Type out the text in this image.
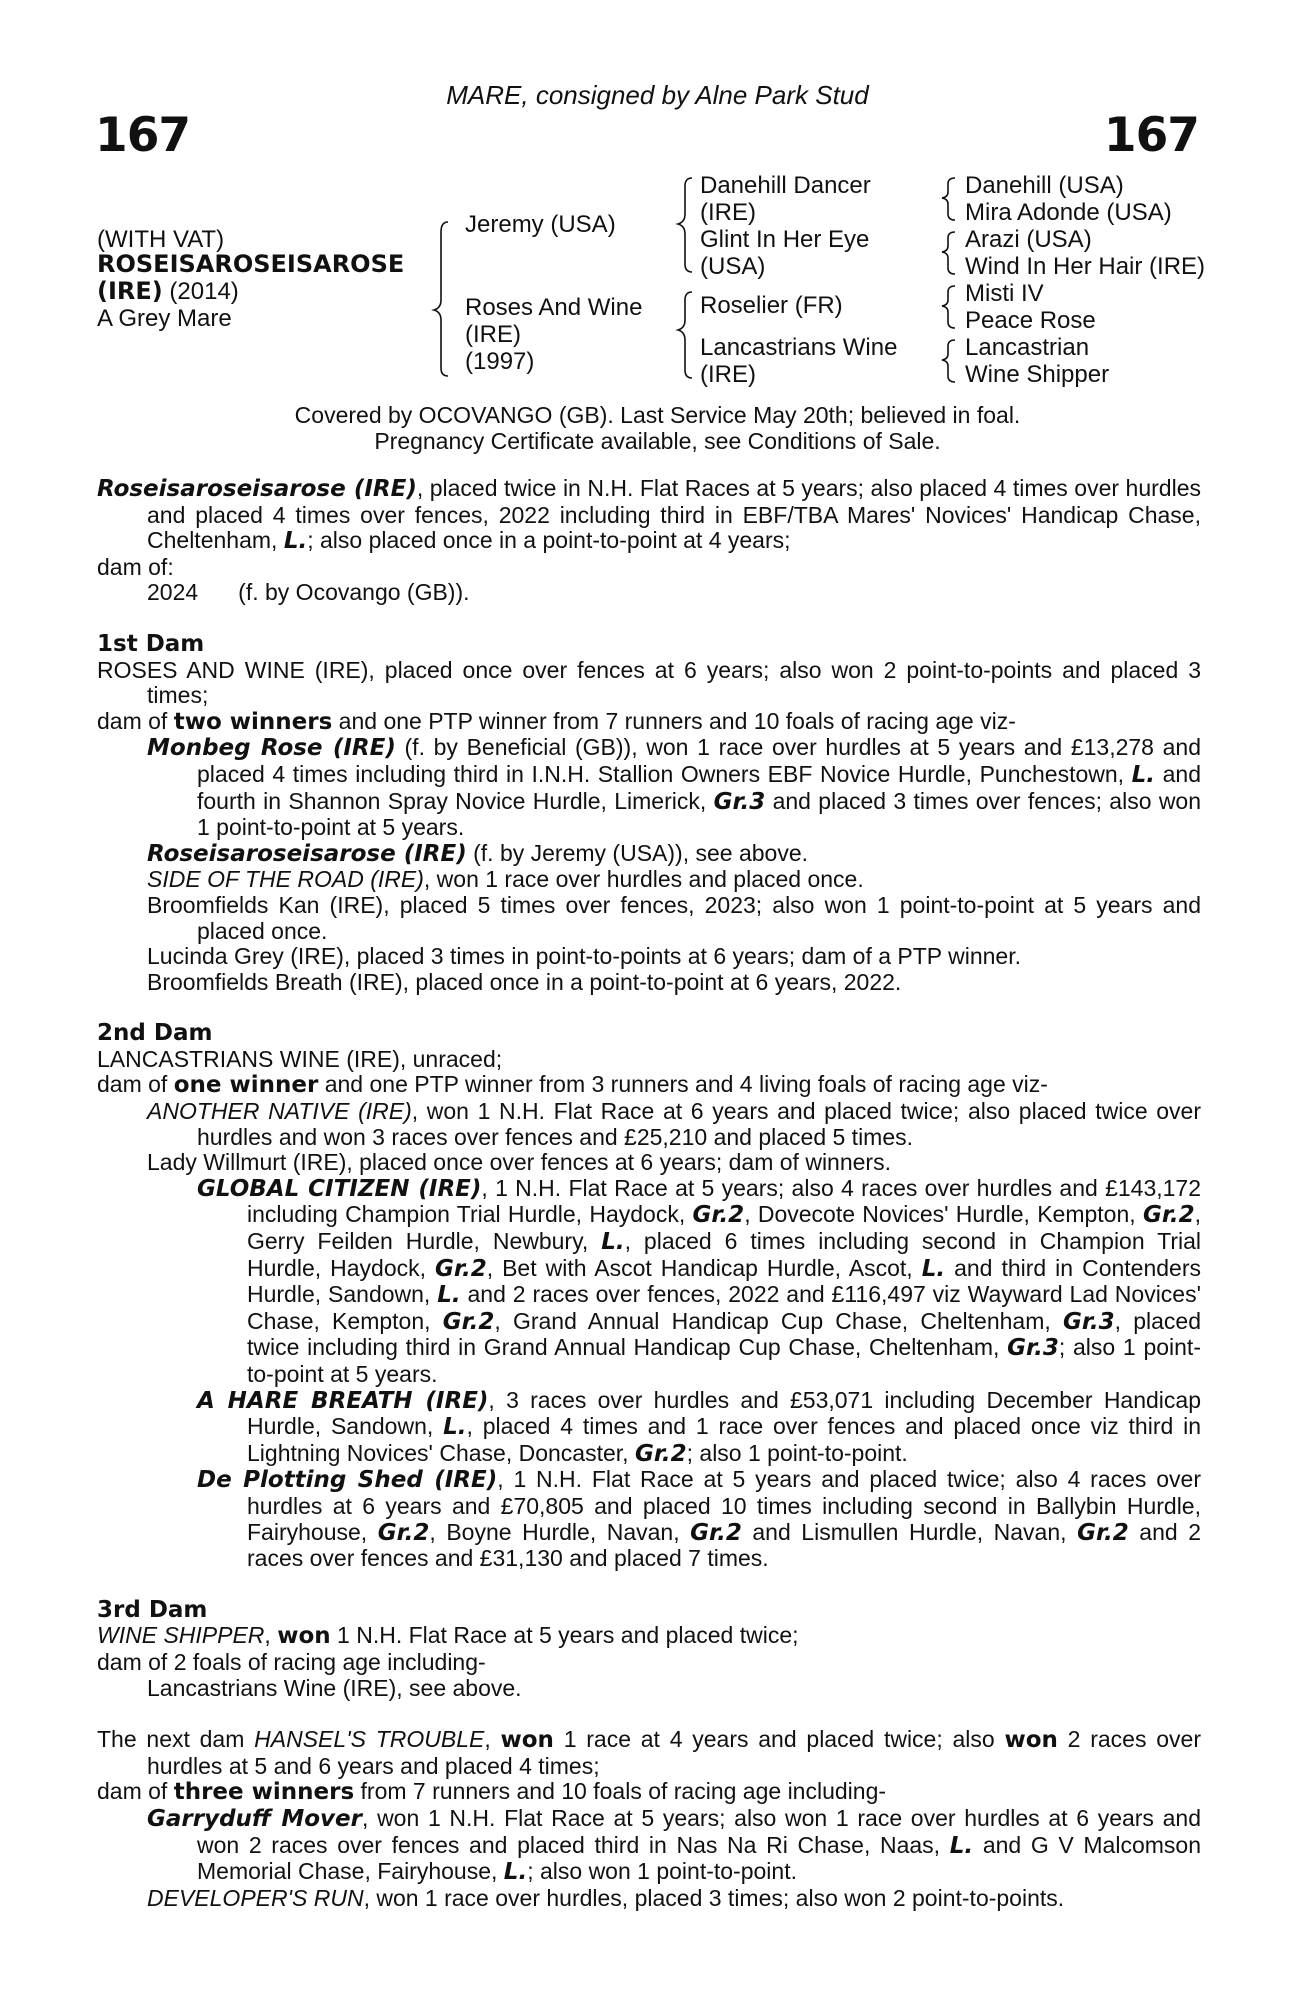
MARE, consigned by Alne Park Stud
167	167
(WITH VAT)
ROSEISAROSEISAROSE
(IRE) (2014)
A Grey Mare
Jeremy (USA)
Roses And Wine
(IRE)
(1997)
Danehill Dancer
(IRE)
Glint In Her Eye
(USA)
Roselier (FR)
Lancastrians Wine
(IRE)
Danehill (USA)
Mira Adonde (USA)
Arazi (USA)
Wind In Her Hair (IRE)
Misti IV
Peace Rose
Lancastrian
Wine Shipper
Covered by OCOVANGO (GB). Last Service May 20th; believed in foal.
Pregnancy Certificate available, see Conditions of Sale.
Roseisaroseisarose (IRE), placed twice in N.H. Flat Races at 5 years; also placed 4 times over hurdles and placed 4 times over fences, 2022 including third in EBF/TBA Mares' Novices' Handicap Chase, Cheltenham, L.; also placed once in a point-to-point at 4 years;
dam of:
2024 (f. by Ocovango (GB)).
1st Dam
ROSES AND WINE (IRE), placed once over fences at 6 years; also won 2 point-to-points and placed 3 times;
dam of two winners and one PTP winner from 7 runners and 10 foals of racing age viz-
Monbeg Rose (IRE) (f. by Beneficial (GB)), won 1 race over hurdles at 5 years and £13,278 and placed 4 times including third in I.N.H. Stallion Owners EBF Novice Hurdle, Punchestown, L. and fourth in Shannon Spray Novice Hurdle, Limerick, Gr.3 and placed 3 times over fences; also won 1 point-to-point at 5 years.
Roseisaroseisarose (IRE) (f. by Jeremy (USA)), see above.
SIDE OF THE ROAD (IRE), won 1 race over hurdles and placed once.
Broomfields Kan (IRE), placed 5 times over fences, 2023; also won 1 point-to-point at 5 years and placed once.
Lucinda Grey (IRE), placed 3 times in point-to-points at 6 years; dam of a PTP winner.
Broomfields Breath (IRE), placed once in a point-to-point at 6 years, 2022.
2nd Dam
LANCASTRIANS WINE (IRE), unraced;
dam of one winner and one PTP winner from 3 runners and 4 living foals of racing age viz-
ANOTHER NATIVE (IRE), won 1 N.H. Flat Race at 6 years and placed twice; also placed twice over hurdles and won 3 races over fences and £25,210 and placed 5 times.
Lady Willmurt (IRE), placed once over fences at 6 years; dam of winners.
GLOBAL CITIZEN (IRE), 1 N.H. Flat Race at 5 years; also 4 races over hurdles and £143,172 including Champion Trial Hurdle, Haydock, Gr.2, Dovecote Novices' Hurdle, Kempton, Gr.2, Gerry Feilden Hurdle, Newbury, L., placed 6 times including second in Champion Trial Hurdle, Haydock, Gr.2, Bet with Ascot Handicap Hurdle, Ascot, L. and third in Contenders Hurdle, Sandown, L. and 2 races over fences, 2022 and £116,497 viz Wayward Lad Novices' Chase, Kempton, Gr.2, Grand Annual Handicap Cup Chase, Cheltenham, Gr.3, placed twice including third in Grand Annual Handicap Cup Chase, Cheltenham, Gr.3; also 1 point-to-point at 5 years.
A HARE BREATH (IRE), 3 races over hurdles and £53,071 including December Handicap Hurdle, Sandown, L., placed 4 times and 1 race over fences and placed once viz third in Lightning Novices' Chase, Doncaster, Gr.2; also 1 point-to-point.
De Plotting Shed (IRE), 1 N.H. Flat Race at 5 years and placed twice; also 4 races over hurdles at 6 years and £70,805 and placed 10 times including second in Ballybin Hurdle, Fairyhouse, Gr.2, Boyne Hurdle, Navan, Gr.2 and Lismullen Hurdle, Navan, Gr.2 and 2 races over fences and £31,130 and placed 7 times.
3rd Dam
WINE SHIPPER, won 1 N.H. Flat Race at 5 years and placed twice;
dam of 2 foals of racing age including-
Lancastrians Wine (IRE), see above.
The next dam HANSEL'S TROUBLE, won 1 race at 4 years and placed twice; also won 2 races over hurdles at 5 and 6 years and placed 4 times;
dam of three winners from 7 runners and 10 foals of racing age including-
Garryduff Mover, won 1 N.H. Flat Race at 5 years; also won 1 race over hurdles at 6 years and won 2 races over fences and placed third in Nas Na Ri Chase, Naas, L. and G V Malcomson Memorial Chase, Fairyhouse, L.; also won 1 point-to-point.
DEVELOPER'S RUN, won 1 race over hurdles, placed 3 times; also won 2 point-to-points.
